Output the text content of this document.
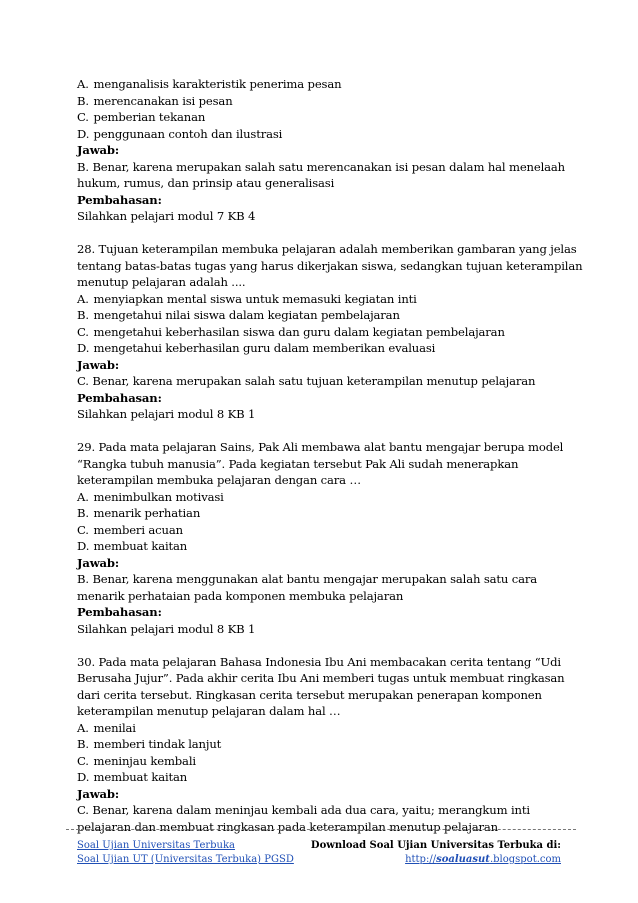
A. menganalisis karakteristik penerima pesan
B. merencanakan isi pesan
C. pemberian tekanan
D. penggunaan contoh dan ilustrasi
Jawab:
B. Benar, karena merupakan salah satu merencanakan isi pesan dalam hal menelaah
hukum, rumus, dan prinsip atau generalisasi
Pembahasan:
Silahkan pelajari modul 7 KB 4
28. Tujuan keterampilan membuka pelajaran adalah memberikan gambaran yang jelas
tentang batas-batas tugas yang harus dikerjakan siswa, sedangkan tujuan keterampilan
menutup pelajaran adalah ....
A. menyiapkan mental siswa untuk memasuki kegiatan inti
B. mengetahui nilai siswa dalam kegiatan pembelajaran
C. mengetahui keberhasilan siswa dan guru dalam kegiatan pembelajaran
D. mengetahui keberhasilan guru dalam memberikan evaluasi
Jawab:
C. Benar, karena merupakan salah satu tujuan keterampilan menutup pelajaran
Pembahasan:
Silahkan pelajari modul 8 KB 1
29. Pada mata pelajaran Sains, Pak Ali membawa alat bantu mengajar berupa model
“Rangka tubuh manusia”. Pada kegiatan tersebut Pak Ali sudah menerapkan
keterampilan membuka pelajaran dengan cara …
A. menimbulkan motivasi
B. menarik perhatian
C. memberi acuan
D. membuat kaitan
Jawab:
B. Benar, karena menggunakan alat bantu mengajar merupakan salah satu cara
menarik perhataian pada komponen membuka pelajaran
Pembahasan:
Silahkan pelajari modul 8 KB 1
30. Pada mata pelajaran Bahasa Indonesia Ibu Ani membacakan cerita tentang “Udi
Berusaha Jujur”. Pada akhir cerita Ibu Ani memberi tugas untuk membuat ringkasan
dari cerita tersebut. Ringkasan cerita tersebut merupakan penerapan komponen
keterampilan menutup pelajaran dalam hal …
A. menilai
B. memberi tindak lanjut
C. meninjau kembali
D. membuat kaitan
Jawab:
C. Benar, karena dalam meninjau kembali ada dua cara, yaitu; merangkum inti
pelajaran dan membuat ringkasan pada keterampilan menutup pelajaran
Soal Ujian Universitas Terbuka
Soal Ujian UT (Universitas Terbuka) PGSD
Download Soal Ujian Universitas Terbuka di:
http://soaluasut.blogspot.com
